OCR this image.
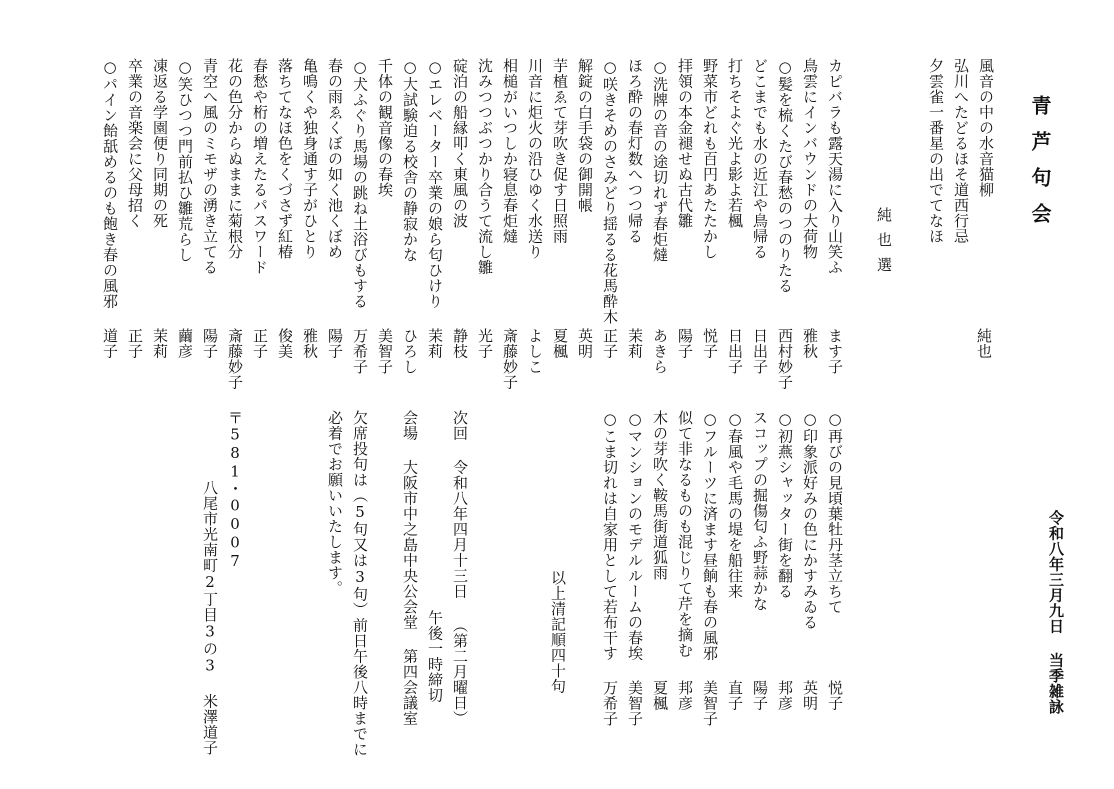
青芦句会
令和八年三月九日 当季雑詠
風音の中の水音猫柳
弘川へたどるほそ道西行忌
夕雲雀一番星の出でてなほ
純也
純也選
カピバラも露天湯に入り山笑ふ
ます子
鳥雲にインバウンドの大荷物
雅秋
○髪を梳くたび春愁のつのりたる
西村妙子
どこまでも水の近江や鳥帰る
日出子
打ちそよぐ光よ影よ若楓
日出子
野菜市どれも百円あたたかし
悦子
拝領の本金褪せぬ古代雛
陽子
○洗牌の音の途切れず春炬燵
あきら
ほろ酔の春灯数へつつ帰る
茉莉
○咲きそめのさみどり揺るる花馬酔木
正子
解錠の白手袋の御開帳
英明
芋植ゑて芽吹き促す日照雨
夏楓
川音に炬火の沿ひゆく水送り
よしこ
相槌がいつしか寝息春炬燵
斎藤妙子
沈みつつぶつかり合うて流し雛
光子
碇泊の船縁叩く東風の波
静枝
○エレベーター卒業の娘ら匂ひけり
茉莉
○大試験迫る校舎の静寂かな
ひろし
千体の観音像の春埃
美智子
○犬ふぐり馬場の跳ね土浴びもする
万希子
春の雨ゑくぼの如く池くぼめ
陽子
亀鳴くや独身通す子がひとり
雅秋
落ちてなほ色をくづさず紅椿
俊美
春愁や桁の増えたるパスワード
正子
花の色分からぬままに菊根分
斎藤妙子
青空へ風のミモザの湧き立てる
陽子
○笑ひつつ門前払ひ雛荒らし
繭彦
凍返る学園便り同期の死
茉莉
卒業の音楽会に父母招く
正子
○パイン飴舐めるのも飽き春の風邪
道子
○再びの見頃葉牡丹茎立ちて
悦子
○印象派好みの色にかすみゐる
英明
○初燕シャッター街を翻る
邦彦
スコップの掘傷匂ふ野蒜かな
陽子
○春風や毛馬の堤を船往来
直子
○フルーツに済ます昼餉も春の風邪
美智子
似て非なるものも混じりて芹を摘む
邦彦
木の芽吹く鞍馬街道狐雨
夏楓
○マンションのモデルルームの春埃
美智子
○こま切れは自家用として若布干す
万希子
以上清記順四十句
次回 令和八年四月十三日 （第二月曜日）
午後一時締切
会場 大阪市中之島中央公会堂 第四会議室
欠席投句は（5句又は3句）前日午後八時までに
必着でお願いいたします。
〒581・0007
八尾市光南町2丁目3の3 米澤道子
